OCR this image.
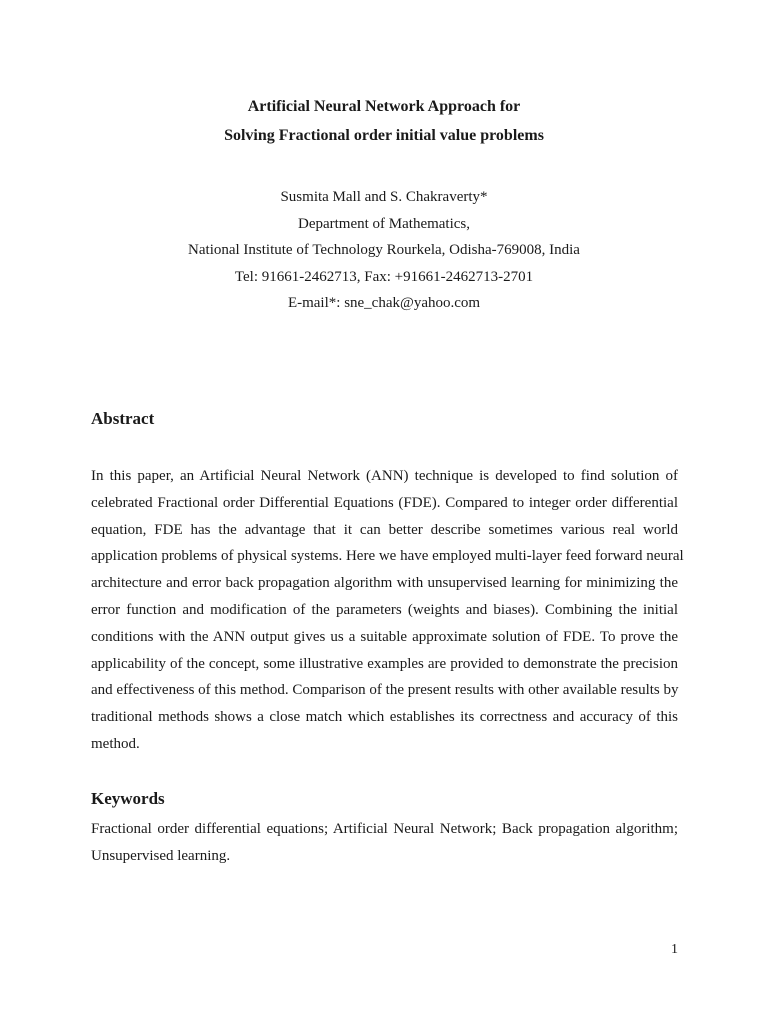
Artificial Neural Network Approach for
Solving Fractional order initial value problems
Susmita Mall and S. Chakraverty*
Department of Mathematics,
National Institute of Technology Rourkela, Odisha-769008, India
Tel: 91661-2462713, Fax: +91661-2462713-2701
E-mail*: sne_chak@yahoo.com
Abstract
In this paper, an Artificial Neural Network (ANN) technique is developed to find solution of
celebrated Fractional order Differential Equations (FDE). Compared to integer order differential
equation, FDE has the advantage that it can better describe sometimes various real world
application problems of physical systems. Here we have employed multi-layer feed forward neural
architecture and error back propagation algorithm with unsupervised learning for minimizing the
error function and modification of the parameters (weights and biases). Combining the initial
conditions with the ANN output gives us a suitable approximate solution of FDE. To prove the
applicability of the concept, some illustrative examples are provided to demonstrate the precision
and effectiveness of this method. Comparison of the present results with other available results by
traditional methods shows a close match which establishes its correctness and accuracy of this
method.
Keywords
Fractional order differential equations; Artificial Neural Network; Back propagation algorithm;
Unsupervised learning.
1
